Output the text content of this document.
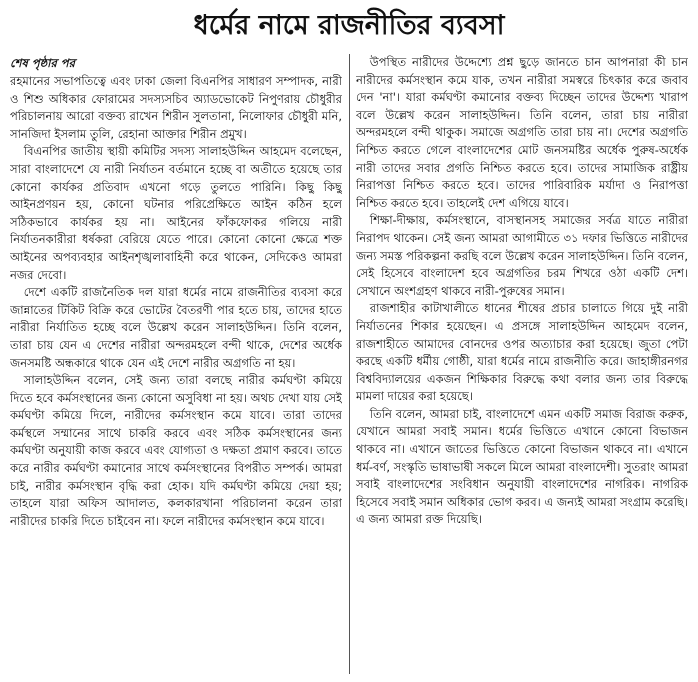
ধর্মের নামে রাজনীতির ব্যবসা
শেষ পৃষ্ঠার পর

রহমানের সভাপতিত্বে এবং ঢাকা জেলা বিএনপির সাধারণ সম্পাদক, নারী ও শিশু অধিকার ফোরামের সদস্যসচিব অ্যাডভোকেট নিপুণরায় চৌধুরীর পরিচালনায় আরো বক্তব্য রাখেন শিরীন সুলতানা, নিলোফার চৌধুরী মনি, সানজিদা ইসলাম তুলি, রেহানা আক্তার শিরীন প্রমুখ।

বিএনপির জাতীয় স্থায়ী কমিটির সদস্য সালাহউদ্দিন আহমেদ বলেছেন, সারা বাংলাদেশে যে নারী নির্যাতন বর্তমানে হচ্ছে বা অতীতে হয়েছে তার কোনো কার্যকর প্রতিবাদ এখনো গড়ে তুলতে পারিনি। কিছু কিছু আইনপ্রণয়ন হয়, কোনো ঘটনার পরিপ্রেক্ষিতে আইন কঠিন হলে সঠিকভাবে কার্যকর হয় না। আইনের ফাঁকফোকর গলিয়ে নারী নির্যাতনকারীরা ধর্ষকরা বেরিয়ে যেতে পারে। কোনো কোনো ক্ষেত্রে শক্ত আইনের অপব্যবহার আইনশৃঙ্খলাবাহিনী করে থাকেন, সেদিকেও আমরা নজর দেবো।

দেশে একটি রাজনৈতিক দল যারা ধর্মের নামে রাজনীতির ব্যবসা করে জান্নাতের টিকিট বিক্রি করে ভোটের বৈতরণী পার হতে চায়, তাদের হাতে নারীরা নির্যাতিত হচ্ছে বলে উল্লেখ করেন সালাহউদ্দিন। তিনি বলেন, তারা চায় যেন এ দেশের নারীরা অন্দরমহলে বন্দী থাকে, দেশের অর্ধেক জনসমষ্টি অন্ধকারে থাকে যেন এই দেশে নারীর অগ্রগতি না হয়।

সালাহউদ্দিন বলেন, সেই জন্য তারা বলছে নারীর কর্মঘণ্টা কমিয়ে দিতে হবে কর্মসংস্থানের জন্য কোনো অসুবিধা না হয়। অথচ দেখা যায় সেই কর্মঘণ্টা কমিয়ে দিলে, নারীদের কর্মসংস্থান কমে যাবে। তারা তাদের কর্মস্থলে সম্মানের সাথে চাকরি করবে এবং সঠিক কর্মসংস্থানের জন্য কর্মঘণ্টা অনুযায়ী কাজ করবে এবং যোগ্যতা ও দক্ষতা প্রমাণ করবে। তাতে করে নারীর কর্মঘণ্টা কমানোর সাথে কর্মসংস্থানের বিপরীত সম্পর্ক। আমরা চাই, নারীর কর্মসংস্থান বৃদ্ধি করা হোক। যদি কর্মঘণ্টা কমিয়ে দেয়া হয়; তাহলে যারা অফিস আদালত, কলকারখানা পরিচালনা করেন তারা নারীদের চাকরি দিতে চাইবেন না। ফলে নারীদের কর্মসংস্থান কমে যাবে।

উপস্থিত নারীদের উদ্দেশ্যে প্রশ্ন ছুড়ে জানতে চান আপনারা কী চান নারীদের কর্মসংস্থান কমে যাক, তখন নারীরা সমস্বরে চিৎকার করে জবাব দেন 'না'। যারা কর্মঘণ্টা কমানোর বক্তব্য দিচ্ছেন তাদের উদ্দেশ্য খারাপ বলে উল্লেখ করেন সালাহউদ্দিন। তিনি বলেন, তারা চায় নারীরা অন্দরমহলে বন্দী থাকুক। সমাজে অগ্রগতি তারা চায় না। দেশের অগ্রগতি নিশ্চিত করতে গেলে বাংলাদেশের মোট জনসমষ্টির অর্ধেক পুরুষ-অর্ধেক নারী তাদের সবার প্রগতি নিশ্চিত করতে হবে। তাদের সামাজিক রাষ্ট্রীয় নিরাপত্তা নিশ্চিত করতে হবে। তাদের পারিবারিক মর্যাদা ও নিরাপত্তা নিশ্চিত করতে হবে। তাহলেই দেশ এগিয়ে যাবে।

শিক্ষা-দীক্ষায়, কর্মসংস্থানে, বাসস্থানসহ সমাজের সর্বত্র যাতে নারীরা নিরাপদ থাকেন। সেই জন্য আমরা আগামীতে ৩১ দফার ভিত্তিতে নারীদের জন্য সমস্ত পরিকল্পনা করছি বলে উল্লেখ করেন সালাহউদ্দিন। তিনি বলেন, সেই হিসেবে বাংলাদেশ হবে অগ্রগতির চরম শিখরে ওঠা একটি দেশ। সেখানে অংশগ্রহণ থাকবে নারী-পুরুষের সমান।

রাজশাহীর কাটাখালীতে ধানের শীষের প্রচার চালাতে গিয়ে দুই নারী নির্যাতনের শিকার হয়েছেন। এ প্রসঙ্গে সালাহউদ্দিন আহমেদ বলেন, রাজশাহীতে আমাদের বোনদের ওপর অত্যাচার করা হয়েছে। জুতা পেটা করছে একটি ধর্মীয় গোষ্ঠী, যারা ধর্মের নামে রাজনীতি করে। জাহাঙ্গীরনগর বিশ্ববিদ্যালয়ের একজন শিক্ষিকার বিরুদ্ধে কথা বলার জন্য তার বিরুদ্ধে মামলা দায়ের করা হয়েছে।

তিনি বলেন, আমরা চাই, বাংলাদেশে এমন একটি সমাজ বিরাজ করুক, যেখানে আমরা সবাই সমান। ধর্মের ভিত্তিতে এখানে কোনো বিভাজন থাকবে না। এখানে জাতের ভিত্তিতে কোনো বিভাজন থাকবে না। এখানে ধর্ম-বর্ণ, সংস্কৃতি ভাষাভাষী সকলে মিলে আমরা বাংলাদেশী। সুতরাং আমরা সবাই বাংলাদেশের সংবিধান অনুযায়ী বাংলাদেশের নাগরিক। নাগরিক হিসেবে সবাই সমান অধিকার ভোগ করব। এ জন্যই আমরা সংগ্রাম করেছি। এ জন্য আমরা রক্ত দিয়েছি।
